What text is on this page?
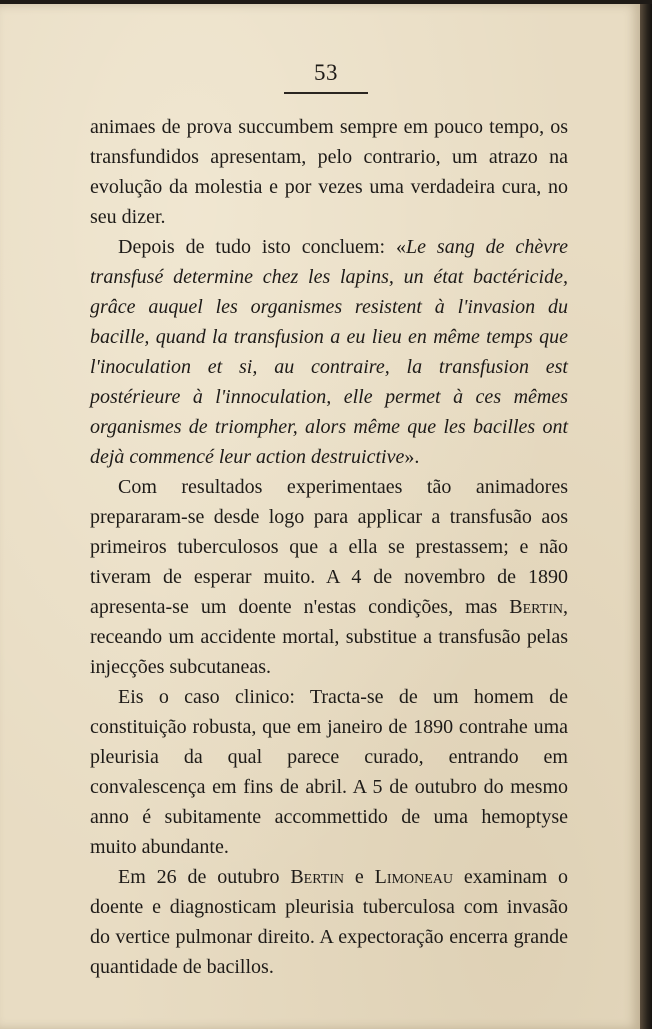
53

animaes de prova succumbem sempre em pouco tempo, os transfundidos apresentam, pelo contrario, um atrazo na evolução da molestia e por vezes uma verdadeira cura, no seu dizer.

Depois de tudo isto concluem: «Le sang de chèvre transfusé determine chez les lapins, un état bactéricide, grâce auquel les organismes resistent à l'invasion du bacille, quand la transfusion a eu lieu en même temps que l'inoculation et si, au contraire, la transfusion est postérieure à l'innoculation, elle permet à ces mêmes organismes de triompher, alors même que les bacilles ont dejà commencé leur action destruictive».

Com resultados experimentaes tão animadores prepararam-se desde logo para applicar a transfusão aos primeiros tuberculosos que a ella se prestassem; e não tiveram de esperar muito. A 4 de novembro de 1890 apresenta-se um doente n'estas condições, mas Bertin, receando um accidente mortal, substitue a transfusão pelas injecções subcutaneas.

Eis o caso clinico: Tracta-se de um homem de constituição robusta, que em janeiro de 1890 contrahe uma pleurisia da qual parece curado, entrando em convalescença em fins de abril. A 5 de outubro do mesmo anno é subitamente accommettido de uma hemoptyse muito abundante.

Em 26 de outubro Bertin e Limoneau examinam o doente e diagnosticam pleurisia tuberculosa com invasão do vertice pulmonar direito. A expectoração encerra grande quantidade de bacillos.
